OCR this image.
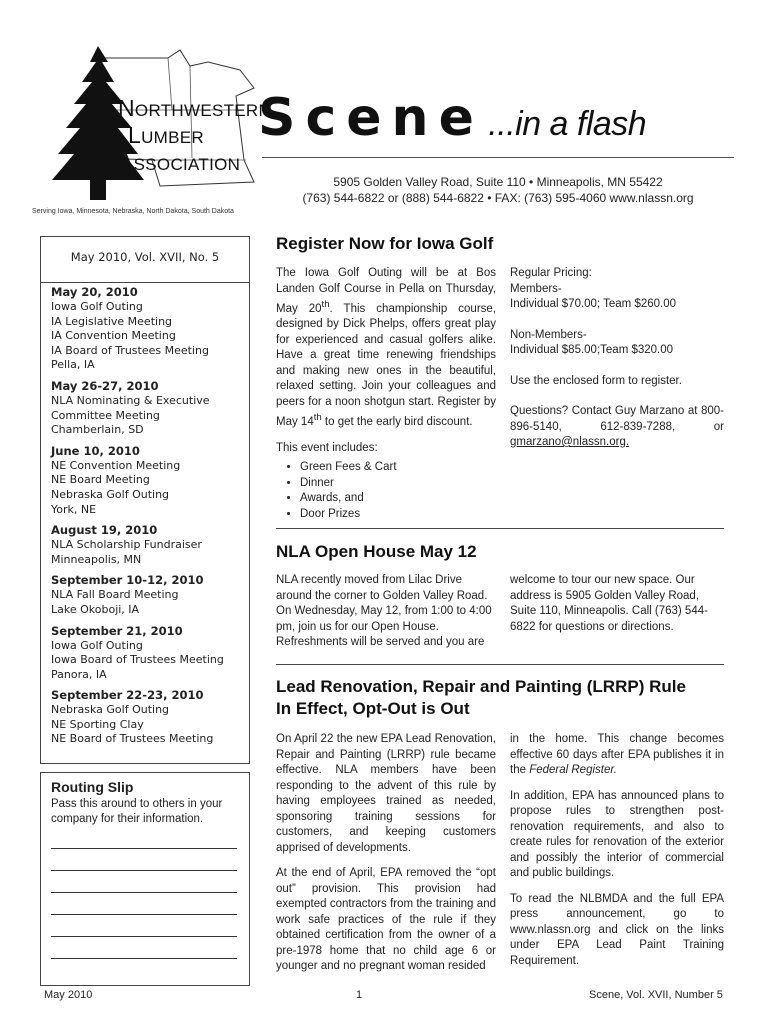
NORTHWESTERN
LUMBER
ASSOCIATION
Serving Iowa, Minnesota, Nebraska, North Dakota, South Dakota
Scene ...in a flash
5905 Golden Valley Road, Suite 110 • Minneapolis, MN 55422
(763) 544-6822 or (888) 544-6822 • FAX: (763) 595-4060 www.nlassn.org
May 2010, Vol. XVII, No. 5
May 20, 2010
Iowa Golf Outing
IA Legislative Meeting
IA Convention Meeting
IA Board of Trustees Meeting
Pella, IA
May 26-27, 2010
NLA Nominating & Executive
Committee Meeting
Chamberlain, SD
June 10, 2010
NE Convention Meeting
NE Board Meeting
Nebraska Golf Outing
York, NE
August 19, 2010
NLA Scholarship Fundraiser
Minneapolis, MN
September 10-12, 2010
NLA Fall Board Meeting
Lake Okoboji, IA
September 21, 2010
Iowa Golf Outing
Iowa Board of Trustees Meeting
Panora, IA
September 22-23, 2010
Nebraska Golf Outing
NE Sporting Clay
NE Board of Trustees Meeting
Routing Slip
Pass this around to others in your company for their information.
Register Now for Iowa Golf

The Iowa Golf Outing will be at Bos Landen Golf Course in Pella on Thursday, May 20th. This championship course, designed by Dick Phelps, offers great play for experienced and casual golfers alike. Have a great time renewing friendships and making new ones in the beautiful, relaxed setting. Join your colleagues and peers for a noon shotgun start. Register by May 14th to get the early bird discount.

This event includes:
• Green Fees & Cart
• Dinner
• Awards, and
• Door Prizes
Regular Pricing:
Members-
Individual $70.00; Team $260.00
Non-Members-
Individual $85.00;Team $320.00
Use the enclosed form to register.
Questions? Contact Guy Marzano at 800-896-5140, 612-839-7288, or gmarzano@nlassn.org.
NLA Open House May 12
NLA recently moved from Lilac Drive around the corner to Golden Valley Road. On Wednesday, May 12, from 1:00 to 4:00 pm, join us for our Open House. Refreshments will be served and you are
welcome to tour our new space. Our address is 5905 Golden Valley Road, Suite 110, Minneapolis. Call (763) 544-6822 for questions or directions.
Lead Renovation, Repair and Painting (LRRP) Rule
In Effect, Opt-Out is Out

On April 22 the new EPA Lead Renovation, Repair and Painting (LRRP) rule became effective. NLA members have been responding to the advent of this rule by having employees trained as needed, sponsoring training sessions for customers, and keeping customers apprised of developments.

At the end of April, EPA removed the “opt out” provision. This provision had exempted contractors from the training and work safe practices of the rule if they obtained certification from the owner of a pre-1978 home that no child age 6 or younger and no pregnant woman resided

in the home. This change becomes effective 60 days after EPA publishes it in the Federal Register.

In addition, EPA has announced plans to propose rules to strengthen post-renovation requirements, and also to create rules for renovation of the exterior and possibly the interior of commercial and public buildings.

To read the NLBMDA and the full EPA press announcement, go to www.nlassn.org and click on the links under EPA Lead Paint Training Requirement.

May 2010	1	Scene, Vol. XVII, Number 5
